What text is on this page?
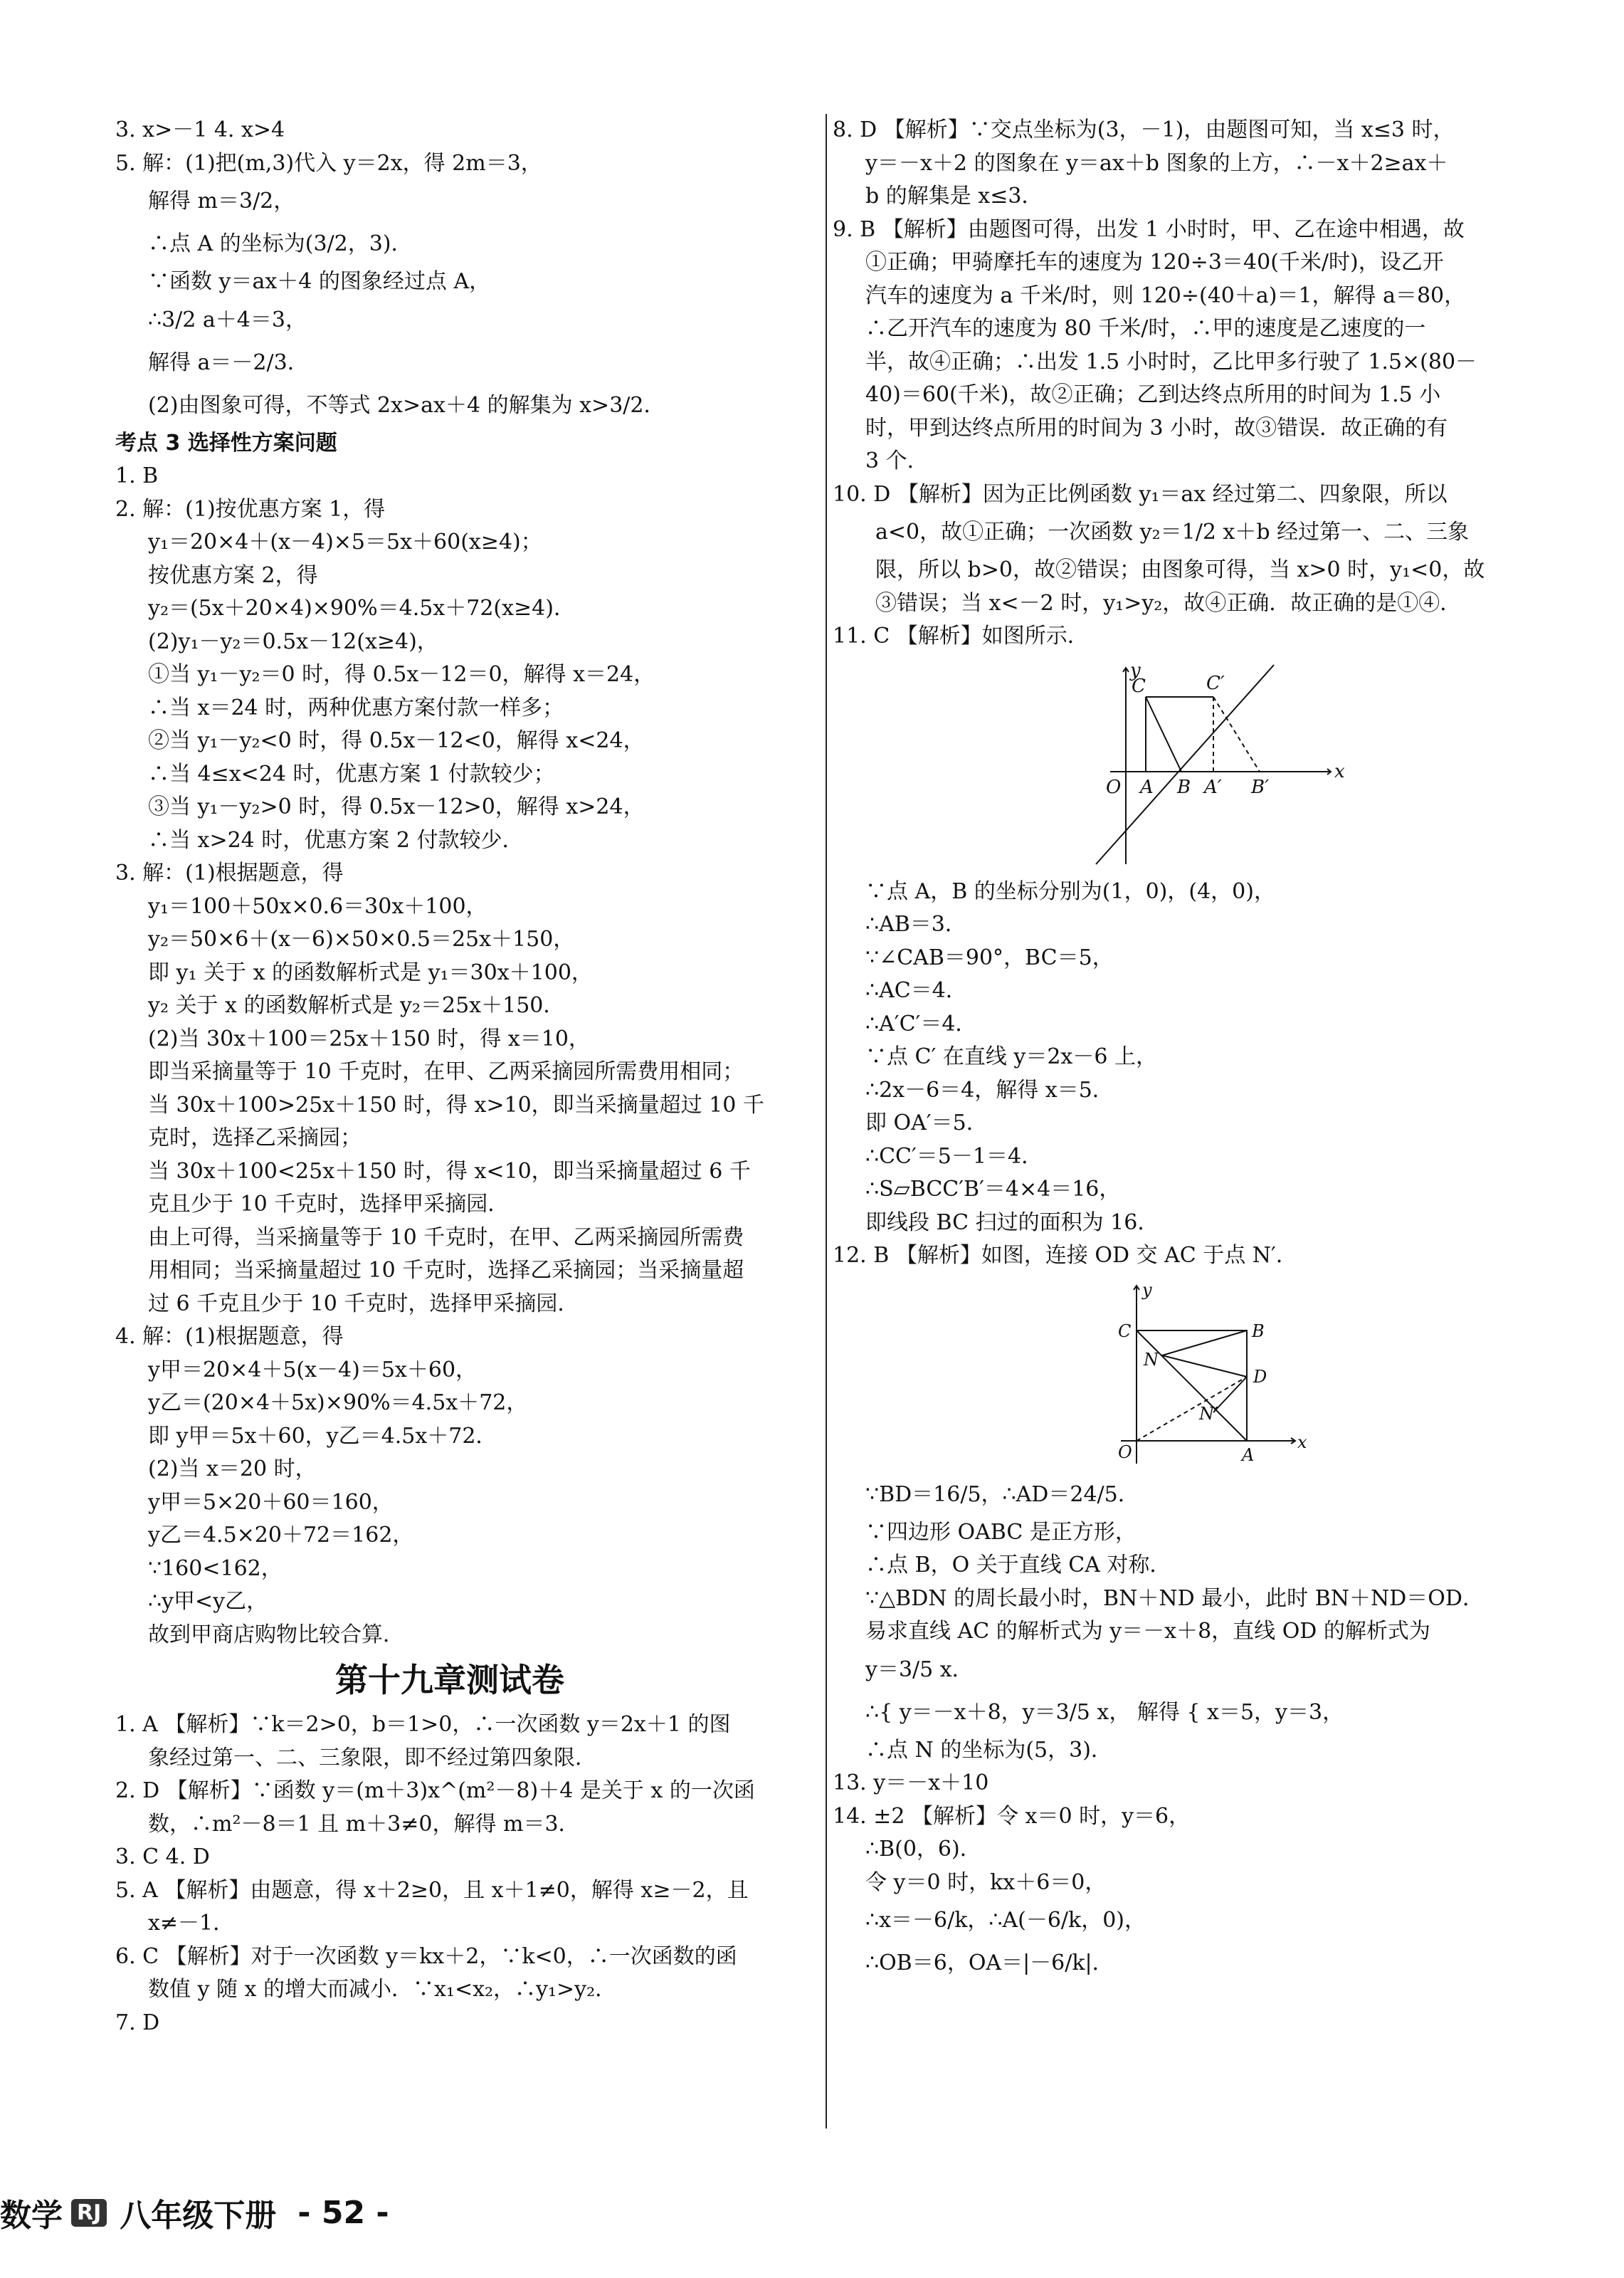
3. x>－1 4. x>4
5. 解：(1)把(m,3)代入 y＝2x，得 2m＝3，
解得 m＝3/2，
∴点 A 的坐标为(3/2，3)．
∵函数 y＝ax＋4 的图象经过点 A，
∴3/2 a＋4＝3，
解得 a＝－2/3．
(2)由图象可得，不等式 2x>ax＋4 的解集为 x>3/2．
考点 3 选择性方案问题
1. B
2. 解：(1)按优惠方案 1，得
y₁＝20×4＋(x－4)×5＝5x＋60(x≥4)；
按优惠方案 2，得
y₂＝(5x＋20×4)×90%＝4.5x＋72(x≥4)．
(2)y₁－y₂＝0.5x－12(x≥4)，
①当 y₁－y₂＝0 时，得 0.5x－12＝0，解得 x＝24，
∴当 x＝24 时，两种优惠方案付款一样多；
②当 y₁－y₂<0 时，得 0.5x－12<0，解得 x<24，
∴当 4≤x<24 时，优惠方案 1 付款较少；
③当 y₁－y₂>0 时，得 0.5x－12>0，解得 x>24，
∴当 x>24 时，优惠方案 2 付款较少．
3. 解：(1)根据题意，得
y₁＝100＋50x×0.6＝30x＋100，
y₂＝50×6＋(x－6)×50×0.5＝25x＋150，
即 y₁ 关于 x 的函数解析式是 y₁＝30x＋100，
y₂ 关于 x 的函数解析式是 y₂＝25x＋150．
(2)当 30x＋100＝25x＋150 时，得 x＝10，
即当采摘量等于 10 千克时，在甲、乙两采摘园所需费用相同；
当 30x＋100>25x＋150 时，得 x>10，即当采摘量超过 10 千
克时，选择乙采摘园；
当 30x＋100<25x＋150 时，得 x<10，即当采摘量超过 6 千
克且少于 10 千克时，选择甲采摘园．
由上可得，当采摘量等于 10 千克时，在甲、乙两采摘园所需费
用相同；当采摘量超过 10 千克时，选择乙采摘园；当采摘量超
过 6 千克且少于 10 千克时，选择甲采摘园．
4. 解：(1)根据题意，得
y甲＝20×4＋5(x－4)＝5x＋60，
y乙＝(20×4＋5x)×90%＝4.5x＋72，
即 y甲＝5x＋60，y乙＝4.5x＋72．
(2)当 x＝20 时，
y甲＝5×20＋60＝160，
y乙＝4.5×20＋72＝162，
∵160<162，
∴y甲<y乙，
故到甲商店购物比较合算．
第十九章测试卷
1. A 【解析】∵k＝2>0，b＝1>0，∴一次函数 y＝2x＋1 的图
象经过第一、二、三象限，即不经过第四象限．
2. D 【解析】∵函数 y＝(m＋3)x^(m²－8)＋4 是关于 x 的一次函
数，∴m²－8＝1 且 m＋3≠0，解得 m＝3．
3. C 4. D
5. A 【解析】由题意，得 x＋2≥0，且 x＋1≠0，解得 x≥－2，且
x≠－1．
6. C 【解析】对于一次函数 y＝kx＋2，∵k<0，∴一次函数的函
数值 y 随 x 的增大而减小．∵x₁<x₂，∴y₁>y₂．
7. D
8. D 【解析】∵交点坐标为(3，－1)，由题图可知，当 x≤3 时，
y＝－x＋2 的图象在 y＝ax＋b 图象的上方，∴－x＋2≥ax＋
b 的解集是 x≤3．
9. B 【解析】由题图可得，出发 1 小时时，甲、乙在途中相遇，故
①正确；甲骑摩托车的速度为 120÷3＝40(千米/时)，设乙开
汽车的速度为 a 千米/时，则 120÷(40＋a)＝1，解得 a＝80，
∴乙开汽车的速度为 80 千米/时，∴甲的速度是乙速度的一
半，故④正确；∴出发 1.5 小时时，乙比甲多行驶了 1.5×(80－
40)＝60(千米)，故②正确；乙到达终点所用的时间为 1.5 小
时，甲到达终点所用的时间为 3 小时，故③错误．故正确的有
3 个．
10. D 【解析】因为正比例函数 y₁＝ax 经过第二、四象限，所以
a<0，故①正确；一次函数 y₂＝1/2 x＋b 经过第一、二、三象
限，所以 b>0，故②错误；由图象可得，当 x>0 时，y₁<0，故
③错误；当 x<－2 时，y₁>y₂，故④正确．故正确的是①④．
11. C 【解析】如图所示．
y
C	C′
O A B A′ B′
x
∵点 A，B 的坐标分别为(1，0)，(4，0)，
∴AB＝3．
∵∠CAB＝90°，BC＝5，
∴AC＝4．
∴A′C′＝4．
∵点 C′ 在直线 y＝2x－6 上，
∴2x－6＝4，解得 x＝5．
即 OA′＝5．
∴CC′＝5－1＝4．
∴S▱BCC′B′＝4×4＝16，
即线段 BC 扫过的面积为 16．
12. B 【解析】如图，连接 OD 交 AC 于点 N′．
y
C	B
N
D
N′
O	A
x
∵BD＝16/5，∴AD＝24/5．
∵四边形 OABC 是正方形，
∴点 B，O 关于直线 CA 对称．
∵△BDN 的周长最小时，BN＋ND 最小，此时 BN＋ND＝OD．
易求直线 AC 的解析式为 y＝－x＋8，直线 OD 的解析式为
y＝3/5 x．
∴{ y＝－x＋8，y＝3/5 x， 解得 { x＝5，y＝3，
∴点 N 的坐标为(5，3)．
13. y＝－x＋10
14. ±2 【解析】令 x＝0 时，y＝6，
∴B(0，6)．
令 y＝0 时，kx＋6＝0，
∴x＝－6/k，∴A(－6/k，0)，
∴OB＝6，OA＝|－6/k|．
数学 RJ 八年级下册 - 52 -
